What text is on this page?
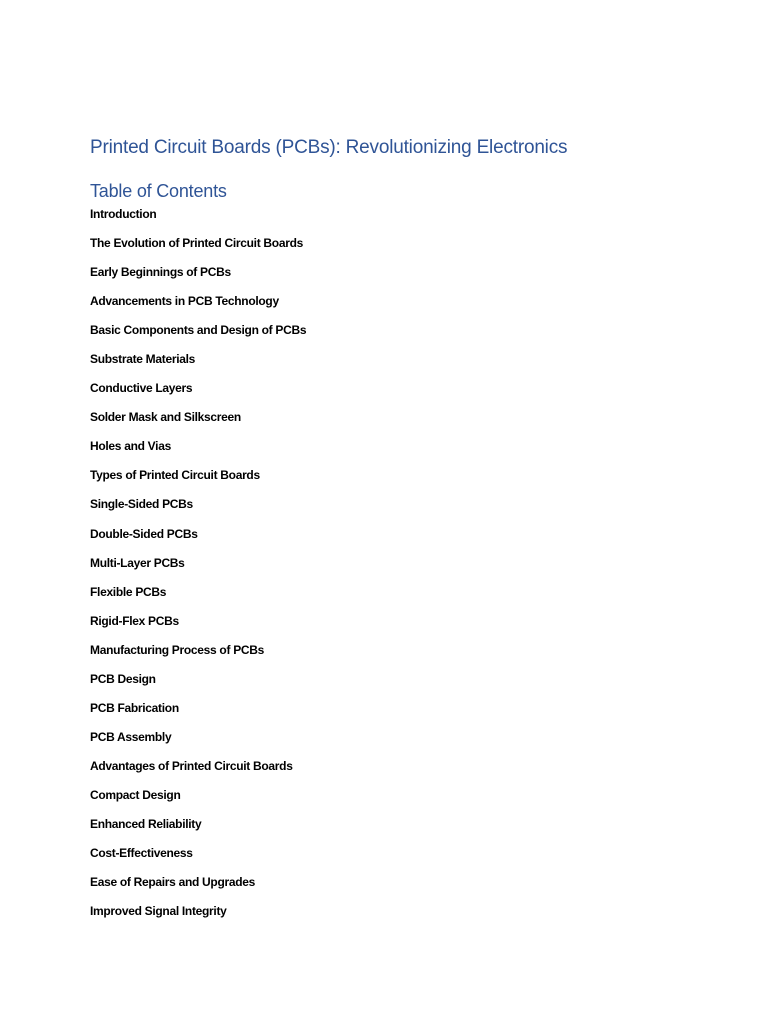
Printed Circuit Boards (PCBs): Revolutionizing Electronics
Table of Contents
Introduction
The Evolution of Printed Circuit Boards
Early Beginnings of PCBs
Advancements in PCB Technology
Basic Components and Design of PCBs
Substrate Materials
Conductive Layers
Solder Mask and Silkscreen
Holes and Vias
Types of Printed Circuit Boards
Single-Sided PCBs
Double-Sided PCBs
Multi-Layer PCBs
Flexible PCBs
Rigid-Flex PCBs
Manufacturing Process of PCBs
PCB Design
PCB Fabrication
PCB Assembly
Advantages of Printed Circuit Boards
Compact Design
Enhanced Reliability
Cost-Effectiveness
Ease of Repairs and Upgrades
Improved Signal Integrity
